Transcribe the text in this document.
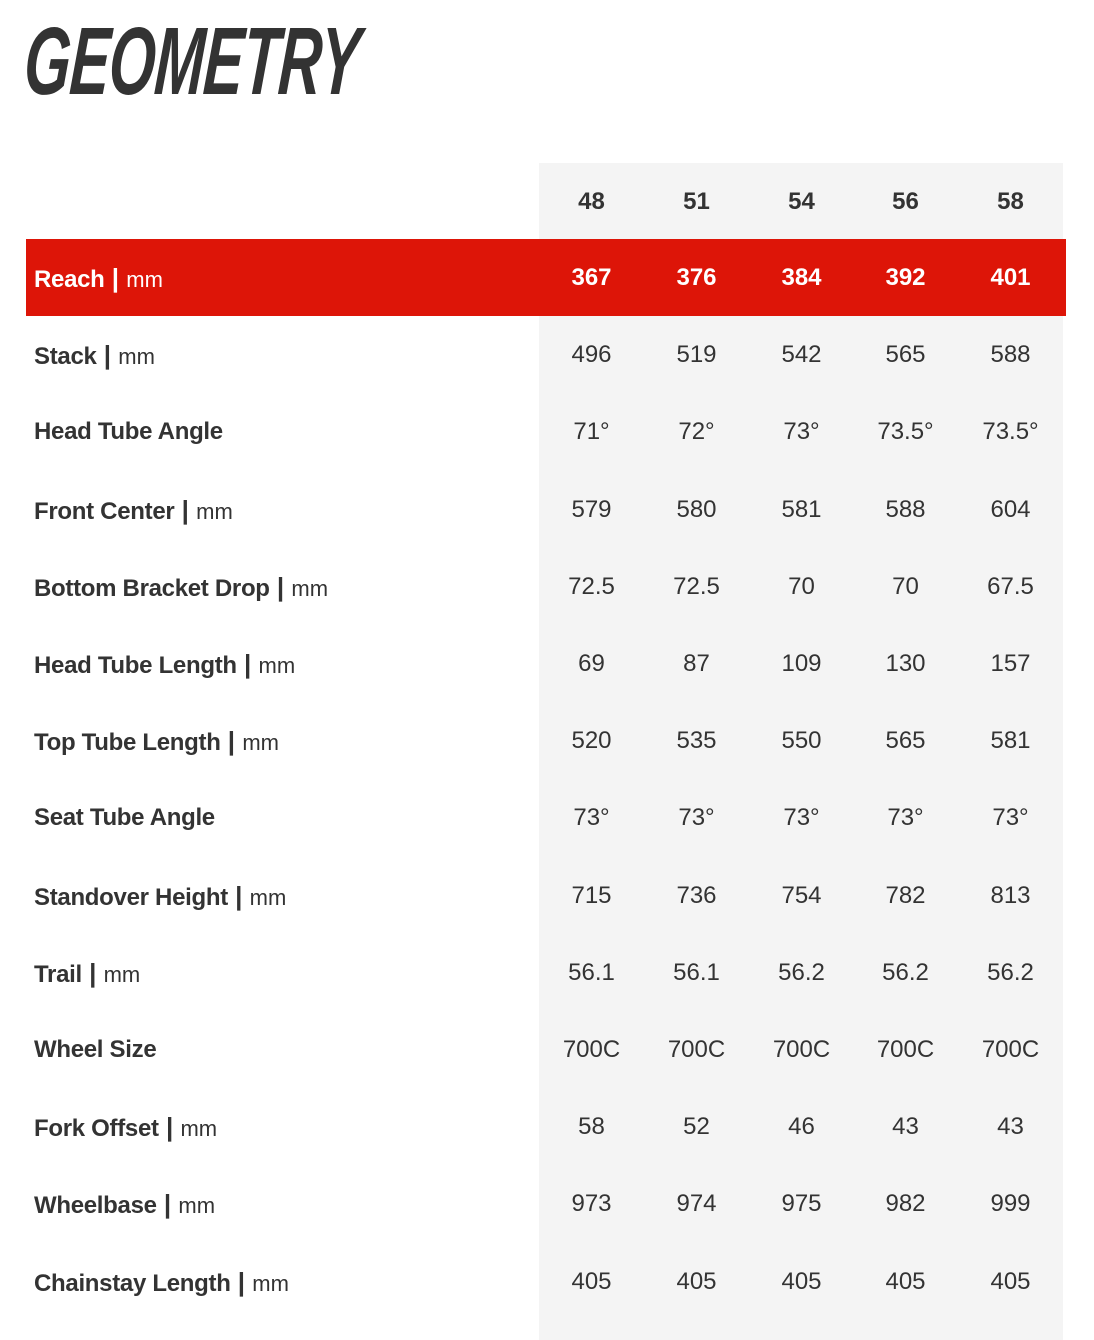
GEOMETRY
48	51	54	56	58
Reach | mm	367	376	384	392	401
Stack | mm	496	519	542	565	588
Head Tube Angle	71°	72°	73°	73.5°	73.5°
Front Center | mm	579	580	581	588	604
Bottom Bracket Drop | mm	72.5	72.5	70	70	67.5
Head Tube Length | mm	69	87	109	130	157
Top Tube Length | mm	520	535	550	565	581
Seat Tube Angle	73°	73°	73°	73°	73°
Standover Height | mm	715	736	754	782	813
Trail | mm	56.1	56.1	56.2	56.2	56.2
Wheel Size	700C	700C	700C	700C	700C
Fork Offset | mm	58	52	46	43	43
Wheelbase | mm	973	974	975	982	999
Chainstay Length | mm	405	405	405	405	405
